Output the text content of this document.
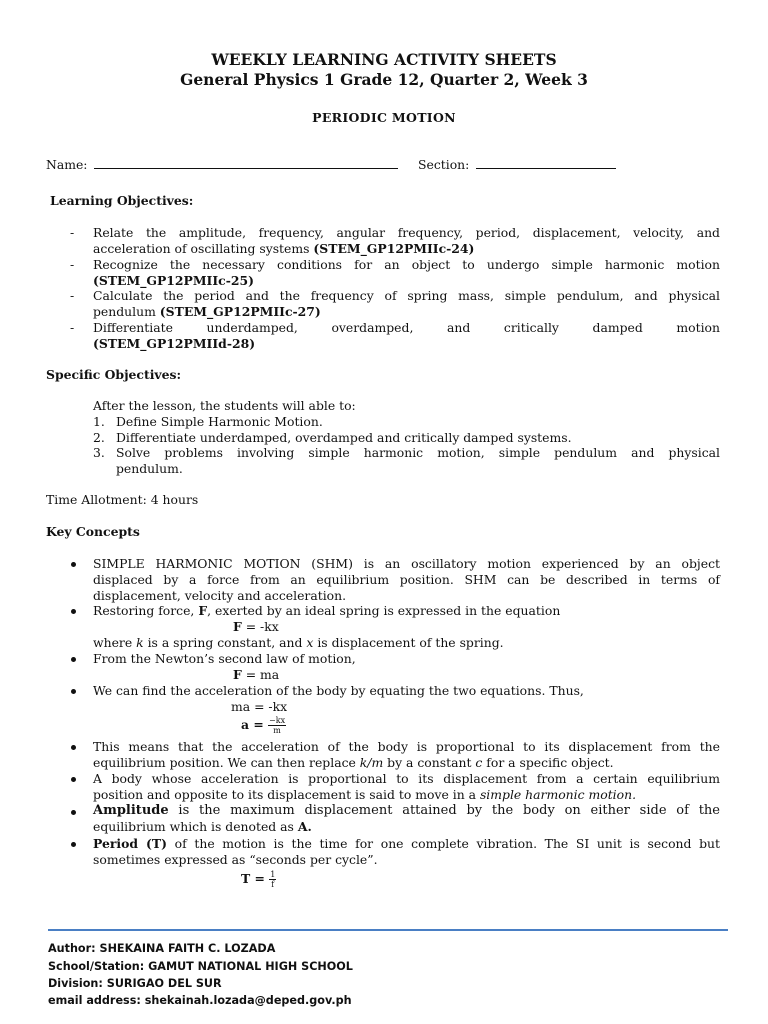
WEEKLY LEARNING ACTIVITY SHEETS
General Physics 1 Grade 12, Quarter 2, Week 3
PERIODIC MOTION
Name:	Section:
Learning Objectives:
- Relate the amplitude, frequency, angular frequency, period, displacement, velocity, and
acceleration of oscillating systems (STEM_GP12PMIIc-24)
- Recognize the necessary conditions for an object to undergo simple harmonic motion
(STEM_GP12PMIIc-25)
- Calculate the period and the frequency of spring mass, simple pendulum, and physical
pendulum (STEM_GP12PMIIc-27)
- Differentiate underdamped, overdamped, and critically damped motion
(STEM_GP12PMIId-28)
Specific Objectives:
After the lesson, the students will able to:
1. Define Simple Harmonic Motion.
2. Differentiate underdamped, overdamped and critically damped systems.
3. Solve problems involving simple harmonic motion, simple pendulum and physical
pendulum.
Time Allotment: 4 hours
Key Concepts
SIMPLE HARMONIC MOTION (SHM) is an oscillatory motion experienced by an object
displaced by a force from an equilibrium position. SHM can be described in terms of
displacement, velocity and acceleration.
Restoring force, F, exerted by an ideal spring is expressed in the equation
F = -kx
where k is a spring constant, and x is displacement of the spring.
From the Newton’s second law of motion,
F = ma
We can find the acceleration of the body by equating the two equations. Thus,
ma = -kx
$a = \frac{-kx}{m}$
This means that the acceleration of the body is proportional to its displacement from the
equilibrium position. We can then replace k/m by a constant c for a specific object.
A body whose acceleration is proportional to its displacement from a certain equilibrium
position and opposite to its displacement is said to move in a simple harmonic motion.
Amplitude is the maximum displacement attained by the body on either side of the
equilibrium which is denoted as A.
Period (T) of the motion is the time for one complete vibration. The SI unit is second but
sometimes expressed as “seconds per cycle”.
$T = \frac{1}{f}$
Author: SHEKAINA FAITH C. LOZADA
School/Station: GAMUT NATIONAL HIGH SCHOOL
Division: SURIGAO DEL SUR
email address: shekainah.lozada@deped.gov.ph
